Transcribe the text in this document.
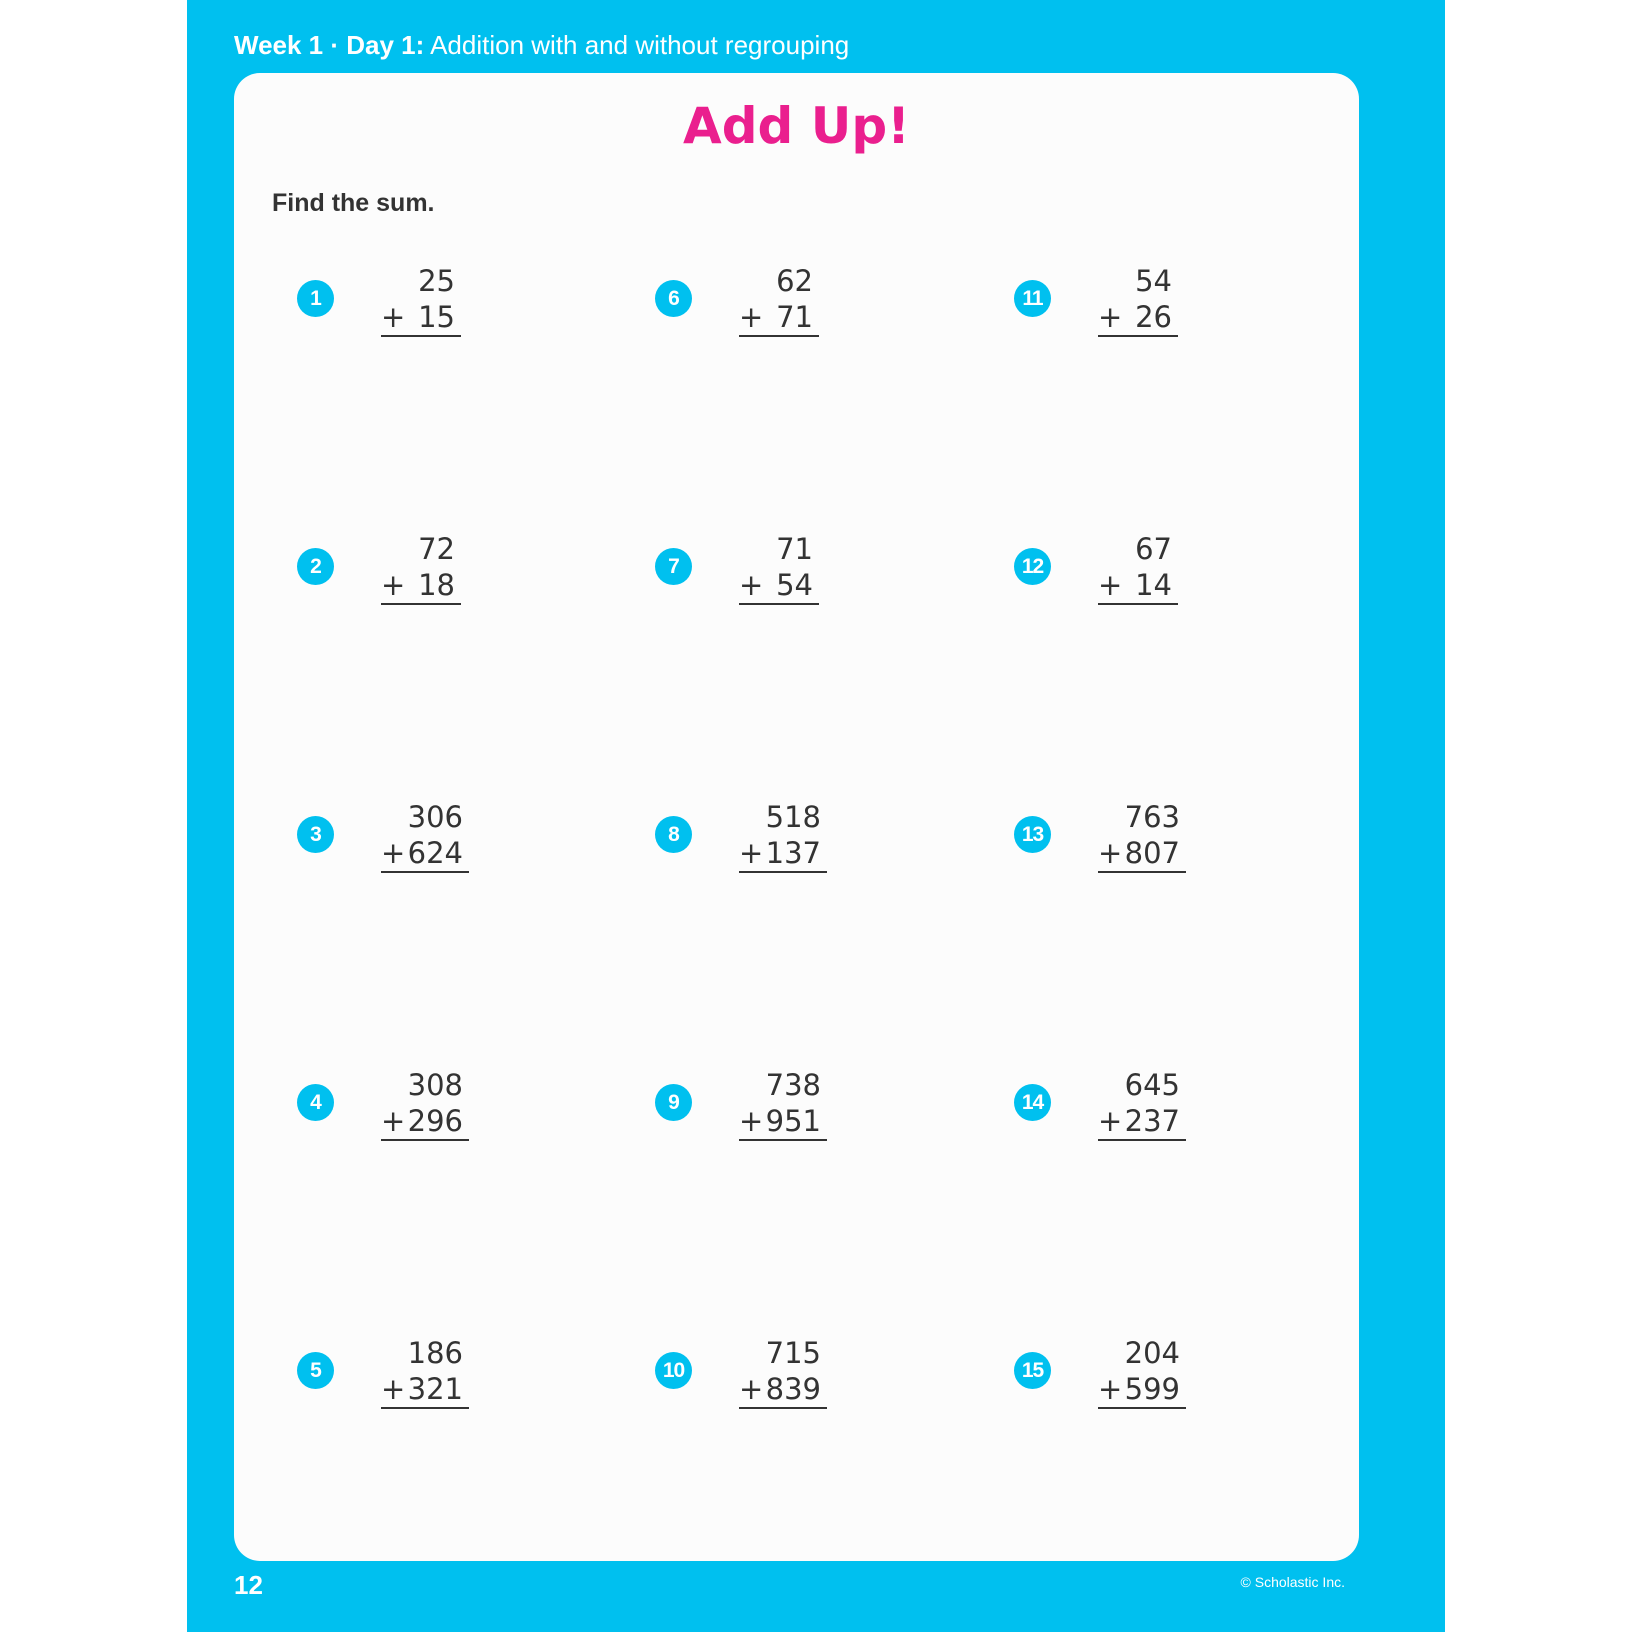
Week 1 · Day 1: Addition with and without regrouping
Add Up!
Find the sum.
1	25
+ 15
2	72
+ 18
3	306
+ 624
4	308
+ 296
5	186
+ 321
6	62
+ 71
7	71
+ 54
8	518
+ 137
9	738
+ 951
10	715
+ 839
11	54
+ 26
12	67
+ 14
13	763
+ 807
14	645
+ 237
15	204
+ 599
12	© Scholastic Inc.
